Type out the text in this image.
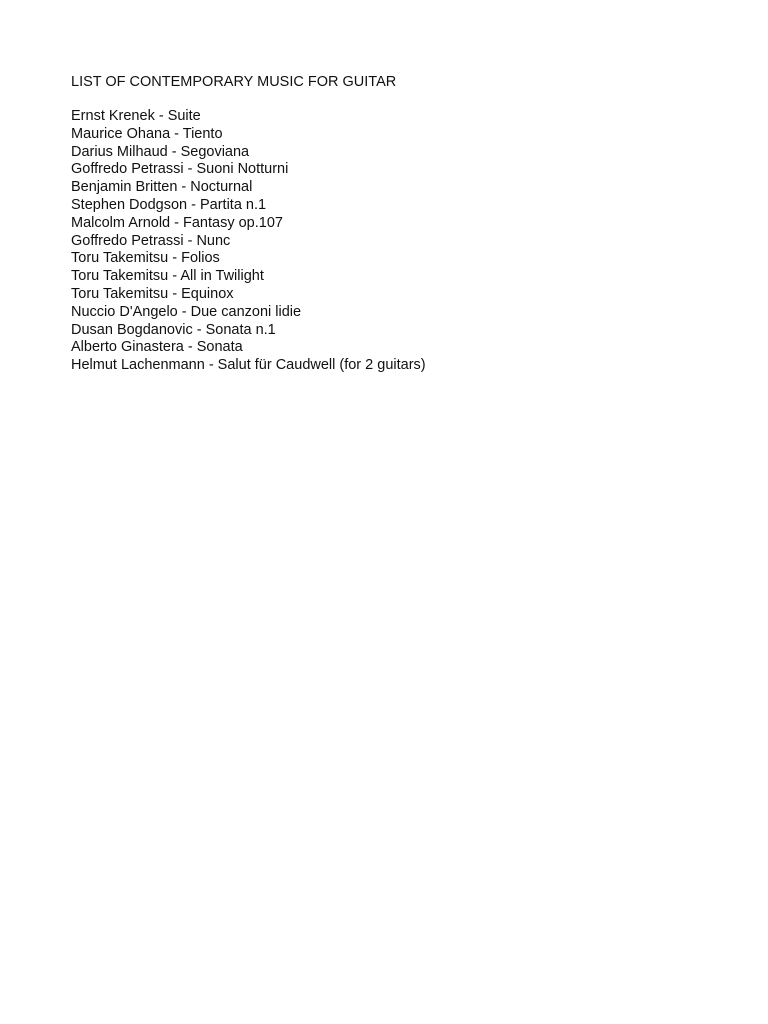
LIST OF CONTEMPORARY MUSIC FOR GUITAR
Ernst Krenek - Suite
Maurice Ohana - Tiento
Darius Milhaud - Segoviana
Goffredo Petrassi - Suoni Notturni
Benjamin Britten - Nocturnal
Stephen Dodgson - Partita n.1
Malcolm Arnold - Fantasy op.107
Goffredo Petrassi - Nunc
Toru Takemitsu - Folios
Toru Takemitsu - All in Twilight
Toru Takemitsu - Equinox
Nuccio D'Angelo - Due canzoni lidie
Dusan Bogdanovic - Sonata n.1
Alberto Ginastera - Sonata
Helmut Lachenmann - Salut für Caudwell (for 2 guitars)
